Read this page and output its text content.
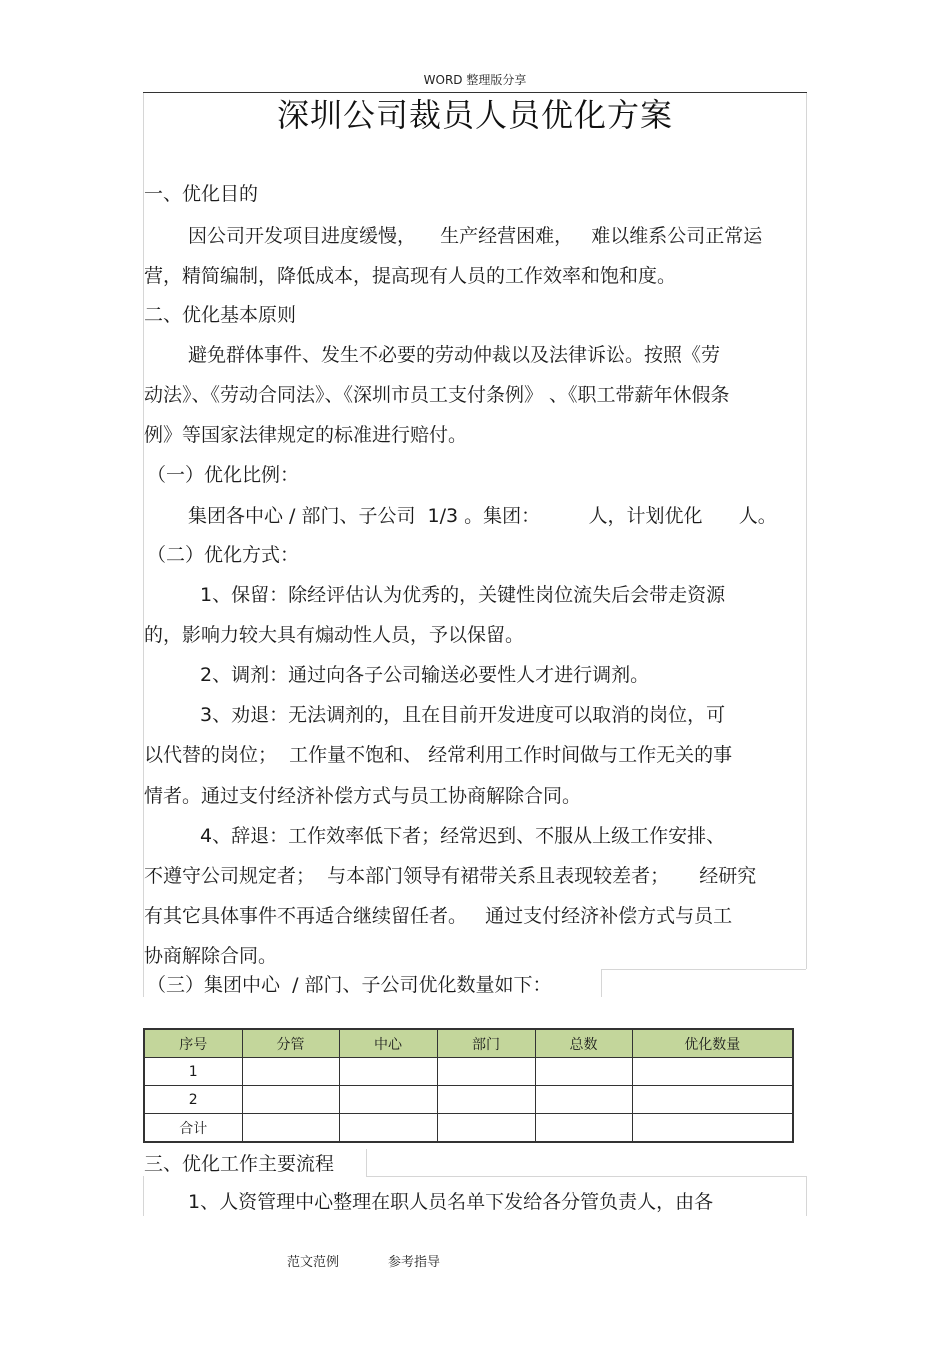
WORD 整理版分享
深圳公司裁员人员优化方案
一、优化目的
因公司开发项目进度缓慢，    生产经营困难，   难以维系公司正常运
营，精简编制，降低成本，提高现有人员的工作效率和饱和度。
二、优化基本原则
避免群体事件、发生不必要的劳动仲裁以及法律诉讼。按照《劳
动法》、《劳动合同法》、《深圳市员工支付条例》 、《职工带薪年休假条
例》等国家法律规定的标准进行赔付。
（一）优化比例：
集团各中心 / 部门、子公司  1/3 。集团：        人，计划优化      人。
（二）优化方式：
1、保留：除经评估认为优秀的，关键性岗位流失后会带走资源
的，影响力较大具有煽动性人员，予以保留。
2、调剂：通过向各子公司输送必要性人才进行调剂。
3、劝退：无法调剂的，且在目前开发进度可以取消的岗位，可
以代替的岗位；  工作量不饱和、 经常利用工作时间做与工作无关的事
情者。通过支付经济补偿方式与员工协商解除合同。
4、辞退：工作效率低下者；经常迟到、不服从上级工作安排、
不遵守公司规定者；  与本部门领导有裙带关系且表现较差者；     经研究
有其它具体事件不再适合继续留任者。   通过支付经济补偿方式与员工
协商解除合同。
（三）集团中心  / 部门、子公司优化数量如下：
序号	分管	中心	部门	总数	优化数量
1					
2					
合计					
三、优化工作主要流程
1、人资管理中心整理在职人员名单下发给各分管负责人，由各
范文范例	参考指导
